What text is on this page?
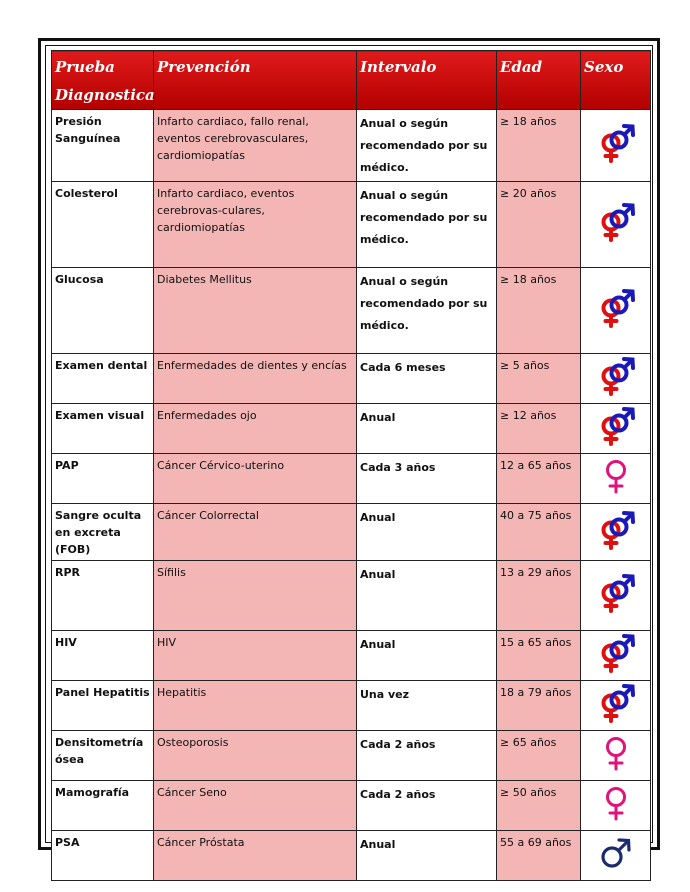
Prueba Diagnostica	Prevención	Intervalo	Edad	Sexo
Presión Sanguínea	Infarto cardiaco, fallo renal, eventos cerebrovasculares, cardiomiopatías	Anual o según recomendado por su médico.	≥ 18 años	
Colesterol	Infarto cardiaco, eventos cerebrovas-culares, cardiomiopatías	Anual o según recomendado por su médico.	≥ 20 años	
Glucosa	Diabetes Mellitus	Anual o según recomendado por su médico.	≥ 18 años	
Examen dental	Enfermedades de dientes y encías	Cada 6 meses	≥ 5 años	
Examen visual	Enfermedades ojo	Anual	≥ 12 años	
PAP	Cáncer Cérvico-uterino	Cada 3 años	12 a 65 años	
Sangre oculta en excreta (FOB)	Cáncer Colorrectal	Anual	40 a 75 años	
RPR	Sífilis	Anual	13 a 29 años	
HIV	HIV	Anual	15 a 65 años	
Panel Hepatitis	Hepatitis	Una vez	18 a 79 años	
Densitometría ósea	Osteoporosis	Cada 2 años	≥ 65 años	
Mamografía	Cáncer Seno	Cada 2 años	≥ 50 años	
PSA	Cáncer Próstata	Anual	55 a 69 años	
